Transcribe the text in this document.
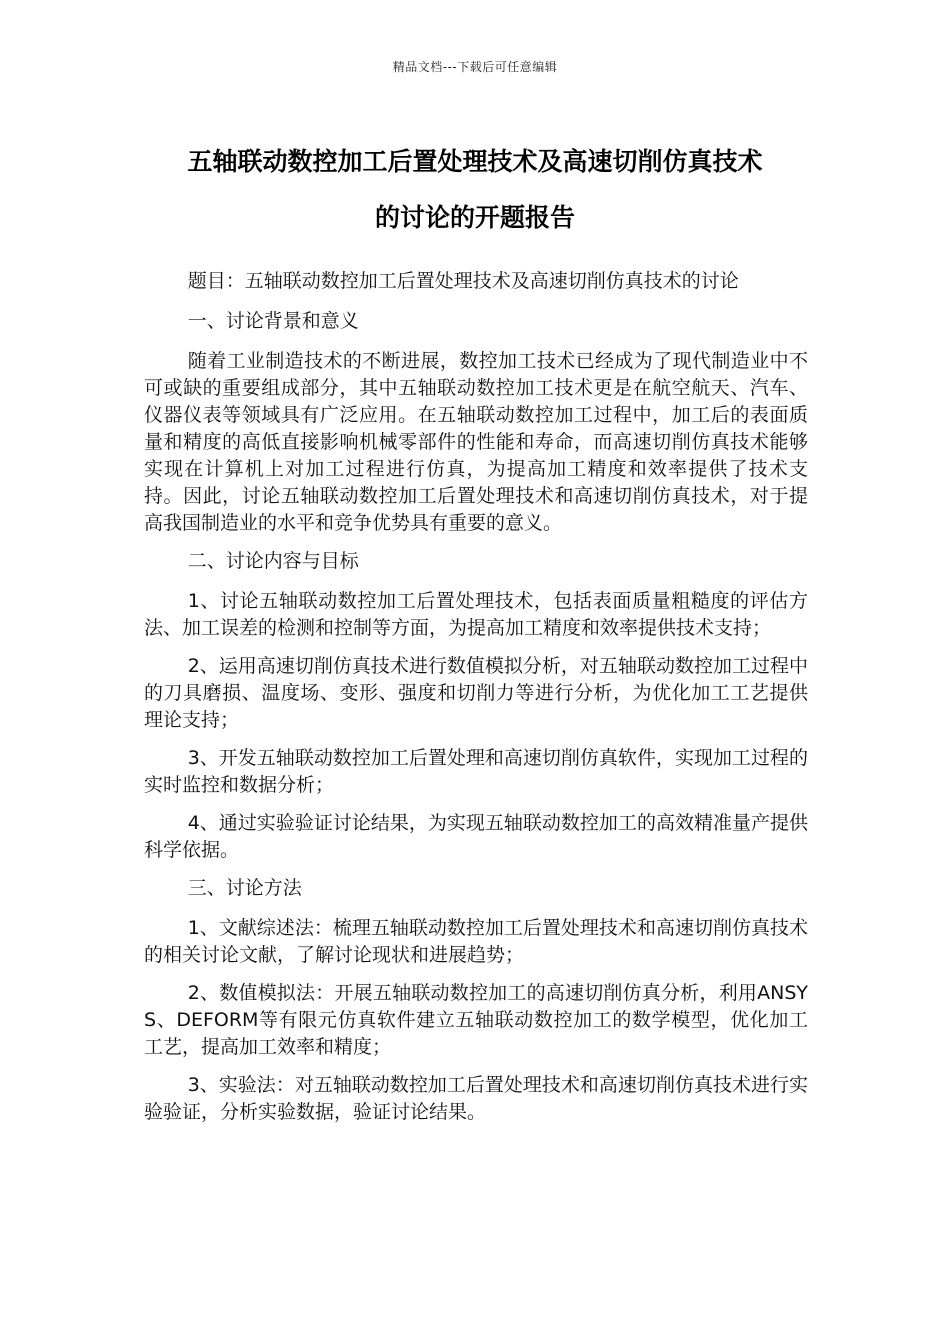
精品文档---下载后可任意编辑
五轴联动数控加工后置处理技术及高速切削仿真技术
的讨论的开题报告

题目：五轴联动数控加工后置处理技术及高速切削仿真技术的讨论

一、讨论背景和意义

随着工业制造技术的不断进展，数控加工技术已经成为了现代制造业中不可或缺的重要组成部分，其中五轴联动数控加工技术更是在航空航天、汽车、仪器仪表等领域具有广泛应用。在五轴联动数控加工过程中，加工后的表面质量和精度的高低直接影响机械零部件的性能和寿命，而高速切削仿真技术能够实现在计算机上对加工过程进行仿真，为提高加工精度和效率提供了技术支持。因此，讨论五轴联动数控加工后置处理技术和高速切削仿真技术，对于提高我国制造业的水平和竞争优势具有重要的意义。

二、讨论内容与目标

1、讨论五轴联动数控加工后置处理技术，包括表面质量粗糙度的评估方法、加工误差的检测和控制等方面，为提高加工精度和效率提供技术支持；

2、运用高速切削仿真技术进行数值模拟分析，对五轴联动数控加工过程中的刀具磨损、温度场、变形、强度和切削力等进行分析，为优化加工工艺提供理论支持；

3、开发五轴联动数控加工后置处理和高速切削仿真软件，实现加工过程的实时监控和数据分析；

4、通过实验验证讨论结果，为实现五轴联动数控加工的高效精准量产提供科学依据。

三、讨论方法

1、文献综述法：梳理五轴联动数控加工后置处理技术和高速切削仿真技术的相关讨论文献，了解讨论现状和进展趋势；

2、数值模拟法：开展五轴联动数控加工的高速切削仿真分析，利用ANSYS、DEFORM等有限元仿真软件建立五轴联动数控加工的数学模型，优化加工工艺，提高加工效率和精度；

3、实验法：对五轴联动数控加工后置处理技术和高速切削仿真技术进行实验验证，分析实验数据，验证讨论结果。
